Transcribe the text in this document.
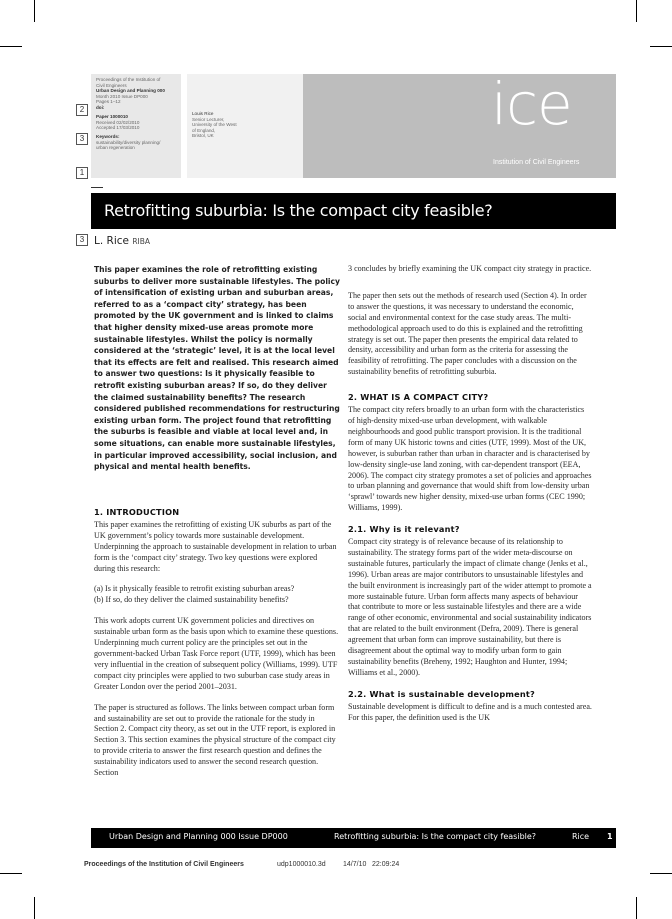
Proceedings of the Institution of
Civil Engineers
Urban Design and Planning 000
Month 2010 Issue DP000
Pages 1–12
doi:
Paper 1000010
Received 02/02/2010
Accepted 17/03/2010
Keywords:
sustainability/diversity planning/
urban regeneration
Louis Rice
Senior Lecturer,
University of the West
of England,
Bristol, UK	ice
Institution of Civil Engineers
2
3
1
3
Retrofitting suburbia: Is the compact city feasible?
L. Rice RIBA

This paper examines the role of retrofitting existing suburbs to deliver more sustainable lifestyles. The policy of intensification of existing urban and suburban areas, referred to as a ‘compact city’ strategy, has been promoted by the UK government and is linked to claims that higher density mixed-use areas promote more sustainable lifestyles. Whilst the policy is normally considered at the ‘strategic’ level, it is at the local level that its effects are felt and realised. This research aimed to answer two questions: Is it physically feasible to retrofit existing suburban areas? If so, do they deliver the claimed sustainability benefits? The research considered published recommendations for restructuring existing urban form. The project found that retrofitting the suburbs is feasible and viable at local level and, in some situations, can enable more sustainable lifestyles, in particular improved accessibility, social inclusion, and physical and mental health benefits.

1. INTRODUCTION

This paper examines the retrofitting of existing UK suburbs as part of the UK government’s policy towards more sustainable development. Underpinning the approach to sustainable development in relation to urban form is the ‘compact city’ strategy. Two key questions were explored during this research:

(a) Is it physically feasible to retrofit existing suburban areas?

(b) If so, do they deliver the claimed sustainability benefits?

This work adopts current UK government policies and directives on sustainable urban form as the basis upon which to examine these questions. Underpinning much current policy are the principles set out in the government-backed Urban Task Force report (UTF, 1999), which has been very influential in the creation of subsequent policy (Williams, 1999). UTF compact city principles were applied to two suburban case study areas in Greater London over the period 2001–2031.

The paper is structured as follows. The links between compact urban form and sustainability are set out to provide the rationale for the study in Section 2. Compact city theory, as set out in the UTF report, is explored in Section 3. This section examines the physical structure of the compact city to provide criteria to answer the first research question and defines the sustainability indicators used to answer the second research question. Section

3 concludes by briefly examining the UK compact city strategy in practice.

The paper then sets out the methods of research used (Section 4). In order to answer the questions, it was necessary to understand the economic, social and environmental context for the case study areas. The multi-methodological approach used to do this is explained and the retrofitting strategy is set out. The paper then presents the empirical data related to density, accessibility and urban form as the criteria for assessing the feasibility of retrofitting. The paper concludes with a discussion on the sustainability benefits of retrofitting suburbia.

2. WHAT IS A COMPACT CITY?

The compact city refers broadly to an urban form with the characteristics of high-density mixed-use urban development, with walkable neighbourhoods and good public transport provision. It is the traditional form of many UK historic towns and cities (UTF, 1999). Most of the UK, however, is suburban rather than urban in character and is characterised by low-density single-use land zoning, with car-dependent transport (EEA, 2006). The compact city strategy promotes a set of policies and approaches to urban planning and governance that would shift from low-density urban ‘sprawl’ towards new higher density, mixed-use urban forms (CEC 1990; Williams, 1999).

2.1. Why is it relevant?

Compact city strategy is of relevance because of its relationship to sustainability. The strategy forms part of the wider meta-discourse on sustainable futures, particularly the impact of climate change (Jenks et al., 1996). Urban areas are major contributors to unsustainable lifestyles and the built environment is increasingly part of the wider attempt to promote a more sustainable future. Urban form affects many aspects of behaviour that contribute to more or less sustainable lifestyles and there are a wide range of other economic, environmental and social sustainability indicators that are related to the built environment (Defra, 2009). There is general agreement that urban form can improve sustainability, but there is disagreement about the optimal way to modify urban form to gain sustainability benefits (Breheny, 1992; Haughton and Hunter, 1994; Williams et al., 2000).

2.2. What is sustainable development?

Sustainable development is difficult to define and is a much contested area. For this paper, the definition used is the UK

Urban Design and Planning 000 Issue DP000	Retrofitting suburbia: Is the compact city feasible?	Rice 1
Proceedings of the Institution of Civil Engineers	udp1000010.3d 14/7/10 22:09:24
